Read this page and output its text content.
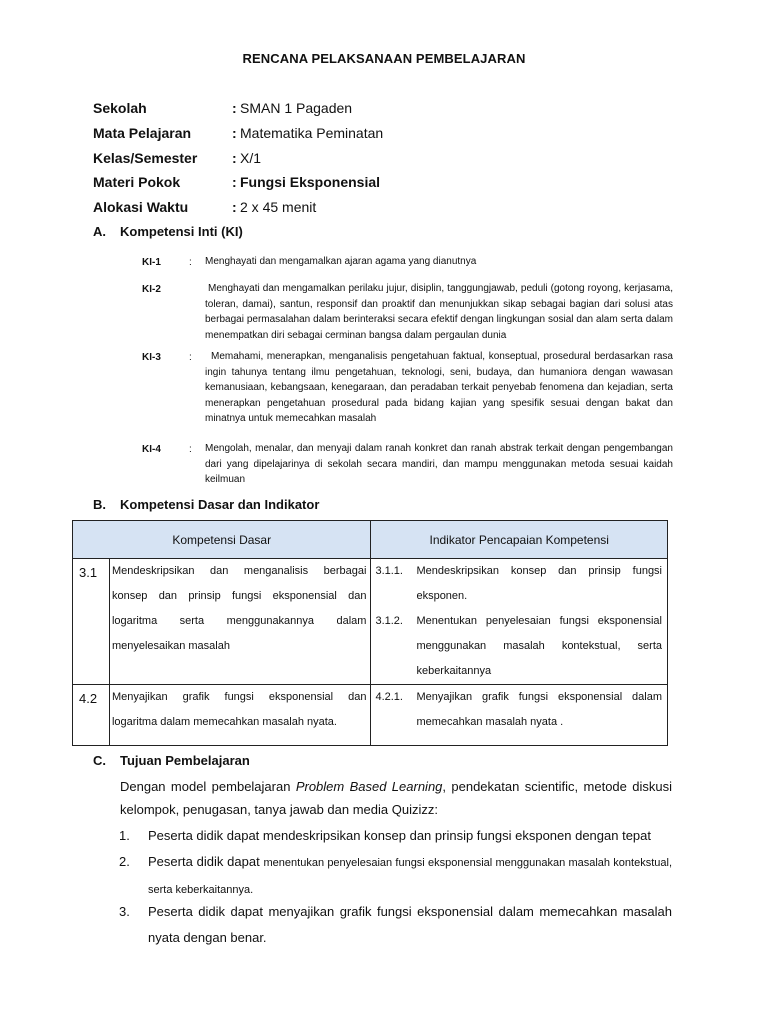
RENCANA PELAKSANAAN PEMBELAJARAN
Sekolah	: SMAN 1 Pagaden
Mata Pelajaran	: Matematika Peminatan
Kelas/Semester : X/1
Materi Pokok	: Fungsi Eksponensial
Alokasi Waktu	: 2 x 45 menit
A. Kompetensi Inti (KI)
KI-1	: Menghayati dan mengamalkan ajaran agama yang dianutnya
KI-2	Menghayati dan mengamalkan perilaku jujur, disiplin, tanggungjawab, peduli (gotong royong, kerjasama, toleran, damai), santun, responsif dan proaktif dan menunjukkan sikap sebagai bagian dari solusi atas berbagai permasalahan dalam berinteraksi secara efektif dengan lingkungan sosial dan alam serta dalam menempatkan diri sebagai cerminan bangsa dalam pergaulan dunia
KI-3	:	Memahami, menerapkan, menganalisis pengetahuan faktual, konseptual, prosedural berdasarkan rasa ingin tahunya tentang ilmu pengetahuan, teknologi, seni, budaya, dan humaniora dengan wawasan kemanusiaan, kebangsaan, kenegaraan, dan peradaban terkait penyebab fenomena dan kejadian, serta menerapkan pengetahuan prosedural pada bidang kajian yang spesifik sesuai dengan bakat dan minatnya untuk memecahkan masalah
KI-4	: Mengolah, menalar, dan menyaji dalam ranah konkret dan ranah abstrak terkait dengan pengembangan dari yang dipelajarinya di sekolah secara mandiri, dan mampu menggunakan metoda sesuai kaidah keilmuan
B. Kompetensi Dasar dan Indikator
Kompetensi Dasar		Indikator Pencapaian Kompetensi
3.1	Mendeskripsikan dan menganalisis berbagai konsep dan prinsip fungsi eksponensial dan logaritma serta menggunakannya dalam menyelesaikan masalah	3.1.1. Mendeskripsikan konsep dan prinsip fungsi eksponen.
3.1.2. Menentukan penyelesaian fungsi eksponensial menggunakan masalah kontekstual, serta keberkaitannya

4.2	Menyajikan grafik fungsi eksponensial dan logaritma dalam memecahkan masalah nyata.	4.2.1. Menyajikan grafik fungsi eksponensial dalam memecahkan masalah nyata .
C. Tujuan Pembelajaran
Dengan model pembelajaran Problem Based Learning, pendekatan scientific, metode diskusi kelompok, penugasan, tanya jawab dan media Quizizz:
1. Peserta didik dapat mendeskripsikan konsep dan prinsip fungsi eksponen dengan tepat
2. Peserta didik dapat menentukan penyelesaian fungsi eksponensial menggunakan masalah kontekstual, serta keberkaitannya.
3. Peserta didik dapat menyajikan grafik fungsi eksponensial dalam memecahkan masalah nyata dengan benar.
